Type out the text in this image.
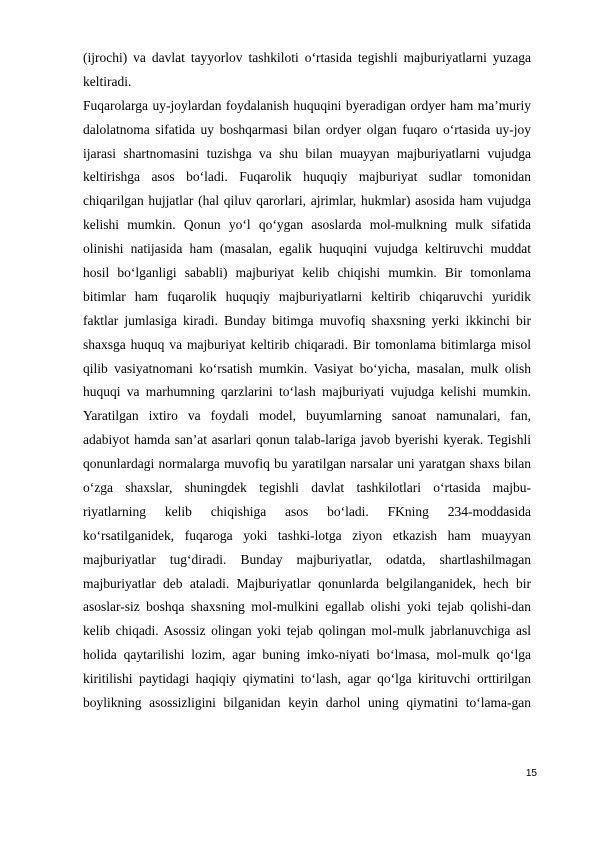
(ijrochi) va davlat tayyorlov tashkiloti o‘rtasida tegishli majburiyatlarni yuzaga
keltiradi.
Fuqarolarga uy-joylardan foydalanish huquqini byeradigan ordyer ham ma’muriy
dalolatnoma sifatida uy boshqarmasi bilan ordyer olgan fuqaro o‘rtasida uy-joy
ijarasi shartnomasini tuzishga va shu bilan muayyan majburiyatlarni vujudga
keltirishga asos bo‘ladi. Fuqarolik huquqiy majburiyat sudlar tomonidan
chiqarilgan hujjatlar (hal qiluv qarorlari, ajrimlar, hukmlar) asosida ham vujudga
kelishi mumkin. Qonun yo‘l qo‘ygan asoslarda mol-mulkning mulk sifatida
olinishi natijasida ham (masalan, egalik huquqini vujudga keltiruvchi muddat
hosil bo‘lganligi sababli) majburiyat kelib chiqishi mumkin. Bir tomonlama
bitimlar ham fuqarolik huquqiy majburiyatlarni keltirib chiqaruvchi yuridik
faktlar jumlasiga kiradi. Bunday bitimga muvofiq shaxsning yerki ikkinchi bir
shaxsga huquq va majburiyat keltirib chiqaradi. Bir tomonlama bitimlarga misol
qilib vasiyatnomani ko‘rsatish mumkin. Vasiyat bo‘yicha, masalan, mulk olish
huquqi va marhumning qarzlarini to‘lash majburiyati vujudga kelishi mumkin.
Yaratilgan ixtiro va foydali model, buyumlarning sanoat namunalari, fan,
adabiyot hamda san’at asarlari qonun talab-lariga javob byerishi kyerak. Tegishli
qonunlardagi normalarga muvofiq bu yaratilgan narsalar uni yaratgan shaxs bilan
o‘zga shaxslar, shuningdek tegishli davlat tashkilotlari o‘rtasida majbu-
riyatlarning kelib chiqishiga asos bo‘ladi. FKning 234-moddasida
ko‘rsatilganidek, fuqaroga yoki tashki-lotga ziyon etkazish ham muayyan
majburiyatlar tug‘diradi. Bunday majburiyatlar, odatda, shartlashilmagan
majburiyatlar deb ataladi. Majburiyatlar qonunlarda belgilanganidek, hech bir
asoslar-siz boshqa shaxsning mol-mulkini egallab olishi yoki tejab qolishi-dan
kelib chiqadi. Asossiz olingan yoki tejab qolingan mol-mulk jabrlanuvchiga asl
holida qaytarilishi lozim, agar buning imko-niyati bo‘lmasa, mol-mulk qo‘lga
kiritilishi paytidagi haqiqiy qiymatini to‘lash, agar qo‘lga kirituvchi orttirilgan
boylikning asossizligini bilganidan keyin darhol uning qiymatini to‘lama-gan
15
